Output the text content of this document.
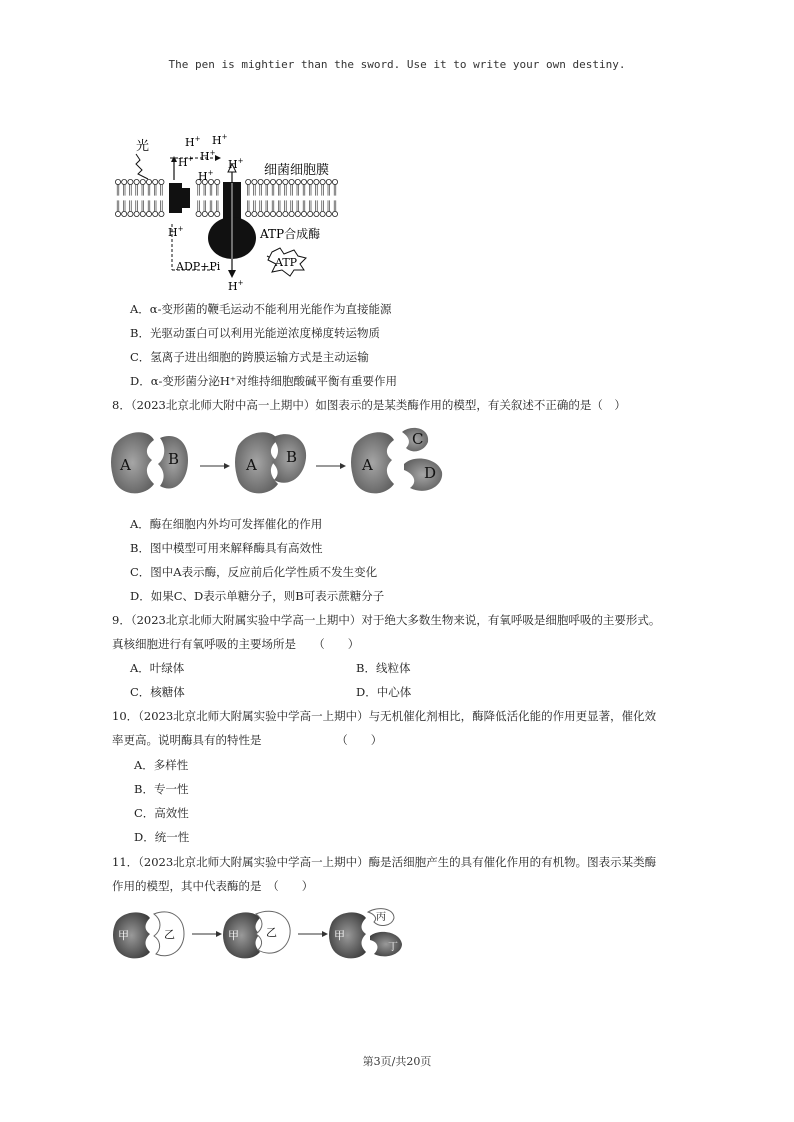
The pen is mightier than the sword. Use it to write your own destiny.
光
细菌细胞膜
ATP合成酶
ADP+Pi	ATP
H+ H+
H+ H+
H+
H+
H+
H+
A．α-变形菌的鞭毛运动不能利用光能作为直接能源
B．光驱动蛋白可以利用光能逆浓度梯度转运物质
C．氢离子进出细胞的跨膜运输方式是主动运输
D．α-变形菌分泌H⁺对维持细胞酸碱平衡有重要作用
8．（2023北京北师大附中高一上期中）如图表示的是某类酶作用的模型，有关叙述不正确的是（　）
A B	A B	A
C
D
A．酶在细胞内外均可发挥催化的作用
B．图中模型可用来解释酶具有高效性
C．图中A表示酶，反应前后化学性质不发生变化
D．如果C、D表示单糖分子，则B可表示蔗糖分子
9．（2023北京北师大附属实验中学高一上期中）对于绝大多数生物来说，有氧呼吸是细胞呼吸的主要形式。
真核细胞进行有氧呼吸的主要场所是　　（　　）
A．叶绿体	B．线粒体
C．核糖体	D．中心体
10．（2023北京北师大附属实验中学高一上期中）与无机催化剂相比，酶降低活化能的作用更显著，催化效
率更高。说明酶具有的特性是　　　　　　　（　　）
A．多样性
B．专一性
C．高效性
D．统一性
11．（2023北京北师大附属实验中学高一上期中）酶是活细胞产生的具有催化作用的有机物。图表示某类酶
作用的模型，其中代表酶的是　（　　）
甲	乙	甲 乙	甲
丙
丁
第3页/共20页
